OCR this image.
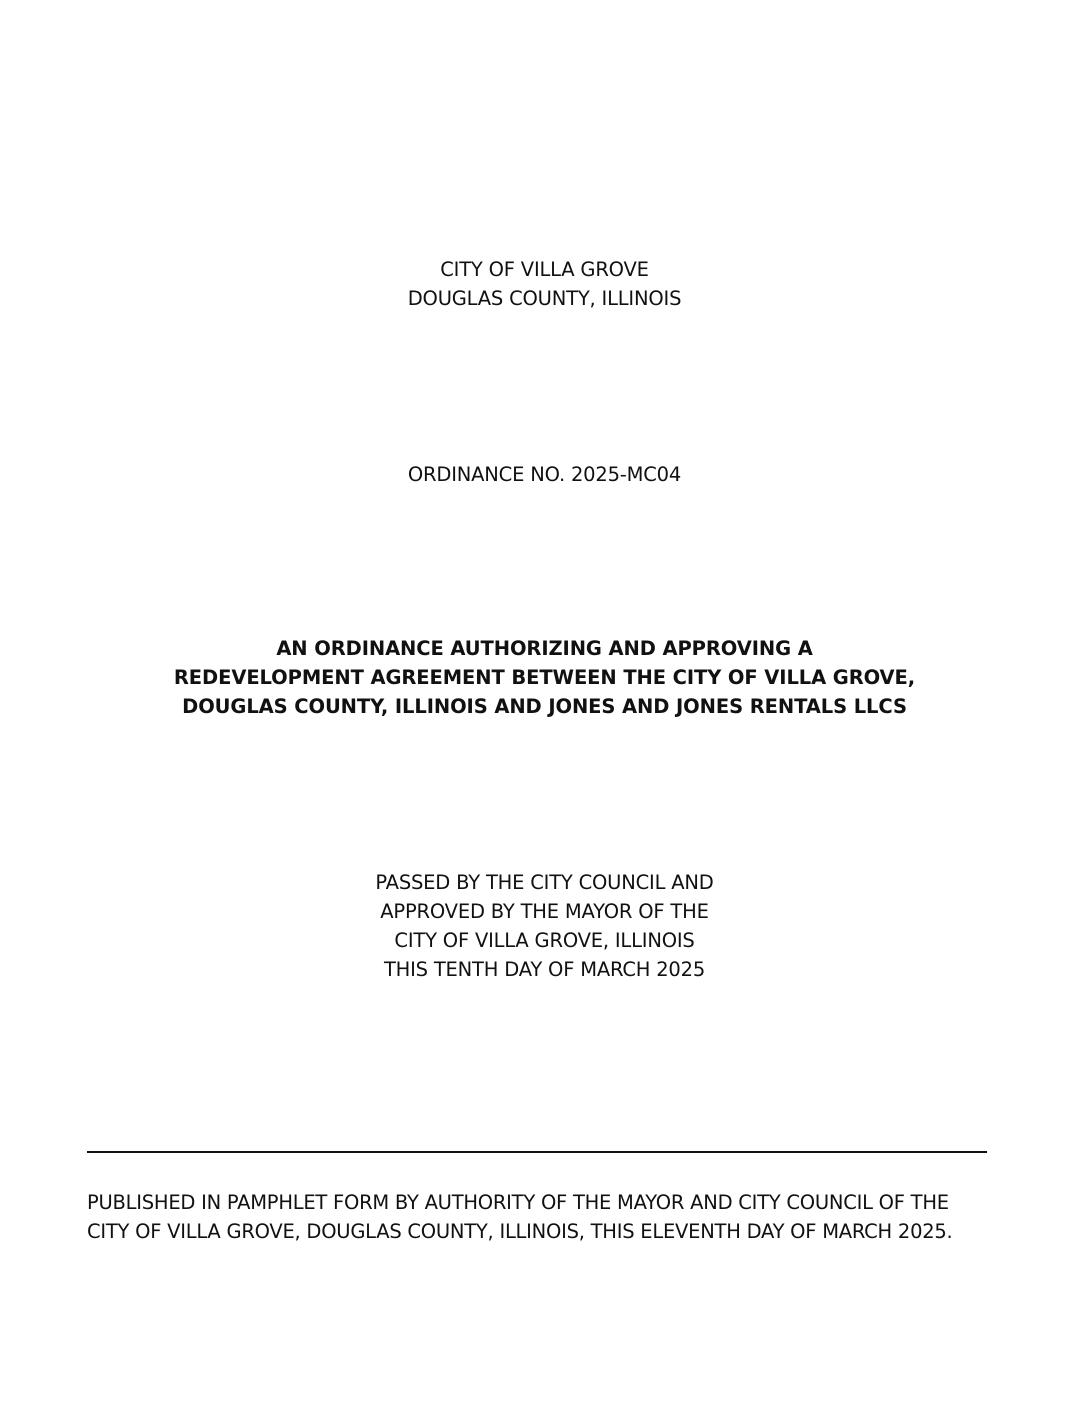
CITY OF VILLA GROVE
DOUGLAS COUNTY, ILLINOIS
ORDINANCE NO. 2025-MC04
AN ORDINANCE AUTHORIZING AND APPROVING A
REDEVELOPMENT AGREEMENT BETWEEN THE CITY OF VILLA GROVE,
DOUGLAS COUNTY, ILLINOIS AND JONES AND JONES RENTALS LLCS
PASSED BY THE CITY COUNCIL AND
APPROVED BY THE MAYOR OF THE
CITY OF VILLA GROVE, ILLINOIS
THIS TENTH DAY OF MARCH 2025
PUBLISHED IN PAMPHLET FORM BY AUTHORITY OF THE MAYOR AND CITY COUNCIL OF THE
CITY OF VILLA GROVE, DOUGLAS COUNTY, ILLINOIS, THIS ELEVENTH DAY OF MARCH 2025.
